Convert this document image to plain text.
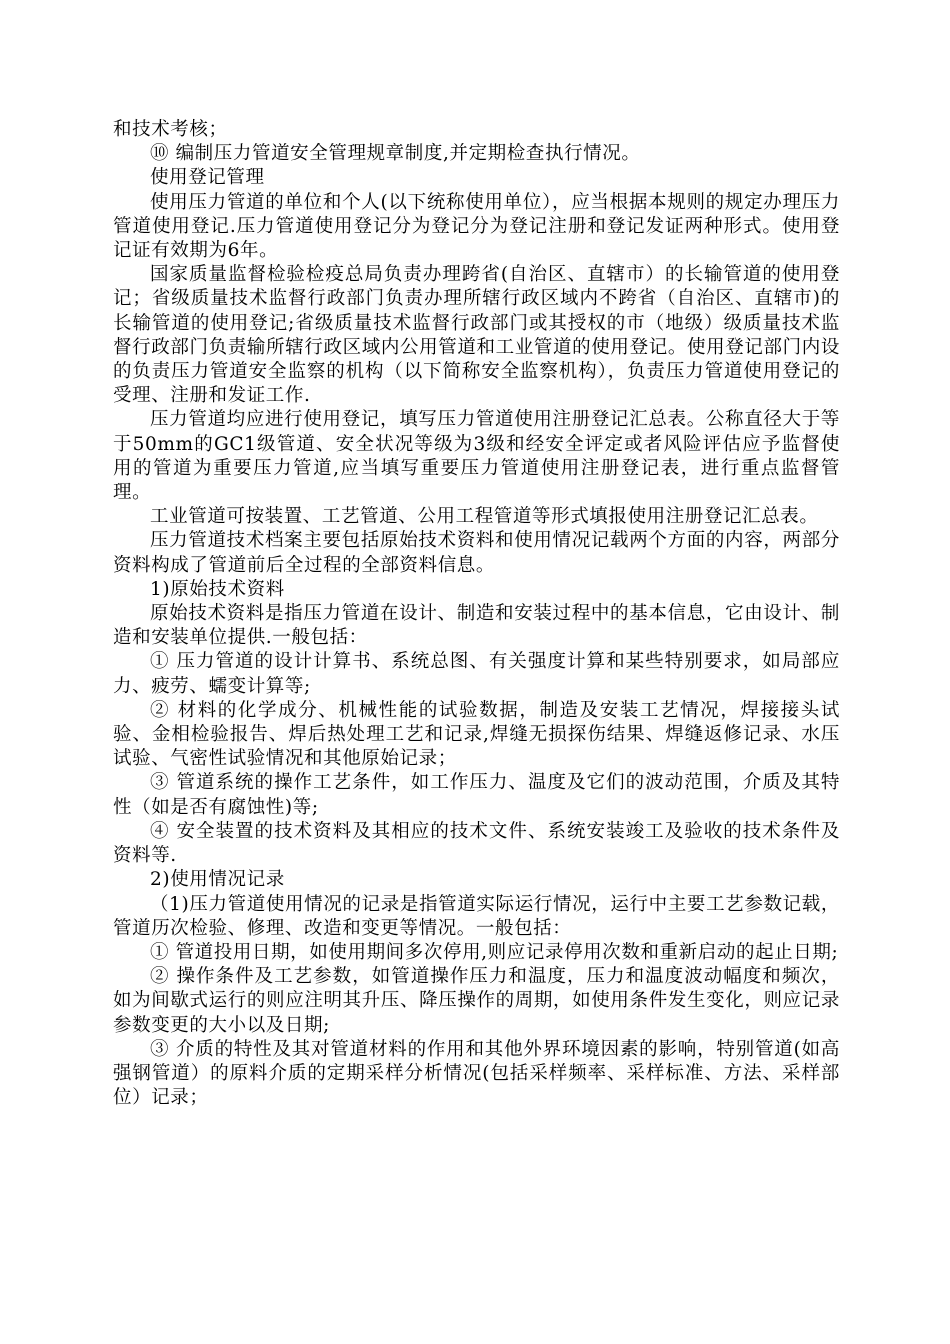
和技术考核；

⑩ 编制压力管道安全管理规章制度,并定期检查执行情况。

使用登记管理

使用压力管道的单位和个人(以下统称使用单位），应当根据本规则的规定办理压力管道使用登记.压力管道使用登记分为登记分为登记注册和登记发证两种形式。使用登记证有效期为6年。

国家质量监督检验检疫总局负责办理跨省(自治区、直辖市）的长输管道的使用登记；省级质量技术监督行政部门负责办理所辖行政区域内不跨省（自治区、直辖市)的长输管道的使用登记;省级质量技术监督行政部门或其授权的市（地级）级质量技术监督行政部门负责输所辖行政区域内公用管道和工业管道的使用登记。使用登记部门内设的负责压力管道安全监察的机构（以下简称安全监察机构），负责压力管道使用登记的受理、注册和发证工作.

压力管道均应进行使用登记，填写压力管道使用注册登记汇总表。公称直径大于等于50mm的GC1级管道、安全状况等级为3级和经安全评定或者风险评估应予监督使用的管道为重要压力管道,应当填写重要压力管道使用注册登记表，进行重点监督管理。

工业管道可按装置、工艺管道、公用工程管道等形式填报使用注册登记汇总表。

压力管道技术档案主要包括原始技术资料和使用情况记载两个方面的内容，两部分资料构成了管道前后全过程的全部资料信息。

1)原始技术资料

原始技术资料是指压力管道在设计、制造和安装过程中的基本信息，它由设计、制造和安装单位提供.一般包括：

① 压力管道的设计计算书、系统总图、有关强度计算和某些特别要求，如局部应力、疲劳、蠕变计算等;

② 材料的化学成分、机械性能的试验数据，制造及安装工艺情况，焊接接头试验、金相检验报告、焊后热处理工艺和记录,焊缝无损探伤结果、焊缝返修记录、水压试验、气密性试验情况和其他原始记录；

③ 管道系统的操作工艺条件，如工作压力、温度及它们的波动范围，介质及其特性（如是否有腐蚀性)等;

④ 安全装置的技术资料及其相应的技术文件、系统安装竣工及验收的技术条件及资料等.

2)使用情况记录

（1)压力管道使用情况的记录是指管道实际运行情况，运行中主要工艺参数记载，管道历次检验、修理、改造和变更等情况。一般包括：

① 管道投用日期，如使用期间多次停用,则应记录停用次数和重新启动的起止日期;

② 操作条件及工艺参数，如管道操作压力和温度，压力和温度波动幅度和频次，如为间歇式运行的则应注明其升压、降压操作的周期，如使用条件发生变化，则应记录参数变更的大小以及日期;

③ 介质的特性及其对管道材料的作用和其他外界环境因素的影响，特别管道(如高强钢管道）的原料介质的定期采样分析情况(包括采样频率、采样标准、方法、采样部位）记录；
